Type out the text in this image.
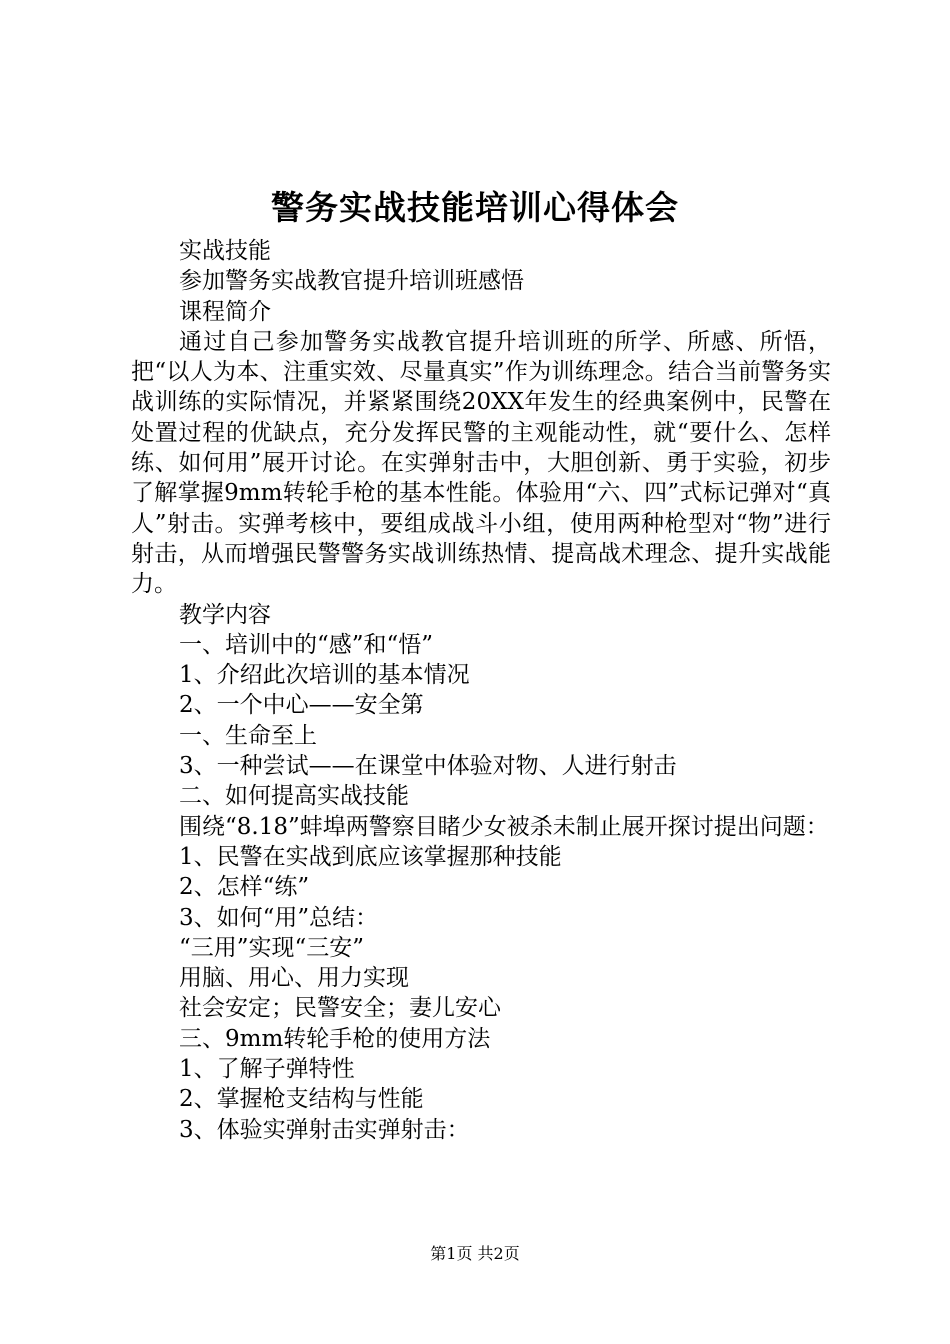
警务实战技能培训心得体会

实战技能

参加警务实战教官提升培训班感悟

课程简介

通过自己参加警务实战教官提升培训班的所学、所感、所悟，把“以人为本、注重实效、尽量真实”作为训练理念。结合当前警务实战训练的实际情况，并紧紧围绕20XX年发生的经典案例中，民警在处置过程的优缺点，充分发挥民警的主观能动性，就“要什么、怎样练、如何用”展开讨论。在实弹射击中，大胆创新、勇于实验，初步了解掌握9mm转轮手枪的基本性能。体验用“六、四”式标记弹对“真人”射击。实弹考核中，要组成战斗小组，使用两种枪型对“物”进行射击，从而增强民警警务实战训练热情、提高战术理念、提升实战能力。

教学内容

一、培训中的“感”和“悟”

1、介绍此次培训的基本情况

2、一个中心——安全第

一、生命至上

3、一种尝试——在课堂中体验对物、人进行射击

二、如何提高实战技能

围绕“8.18”蚌埠两警察目睹少女被杀未制止展开探讨提出问题：

1、民警在实战到底应该掌握那种技能

2、怎样“练”

3、如何“用”总结：

“三用”实现“三安”

用脑、用心、用力实现

社会安定；民警安全；妻儿安心

三、9mm转轮手枪的使用方法

1、了解子弹特性

2、掌握枪支结构与性能

3、体验实弹射击实弹射击：

第1页 共2页
